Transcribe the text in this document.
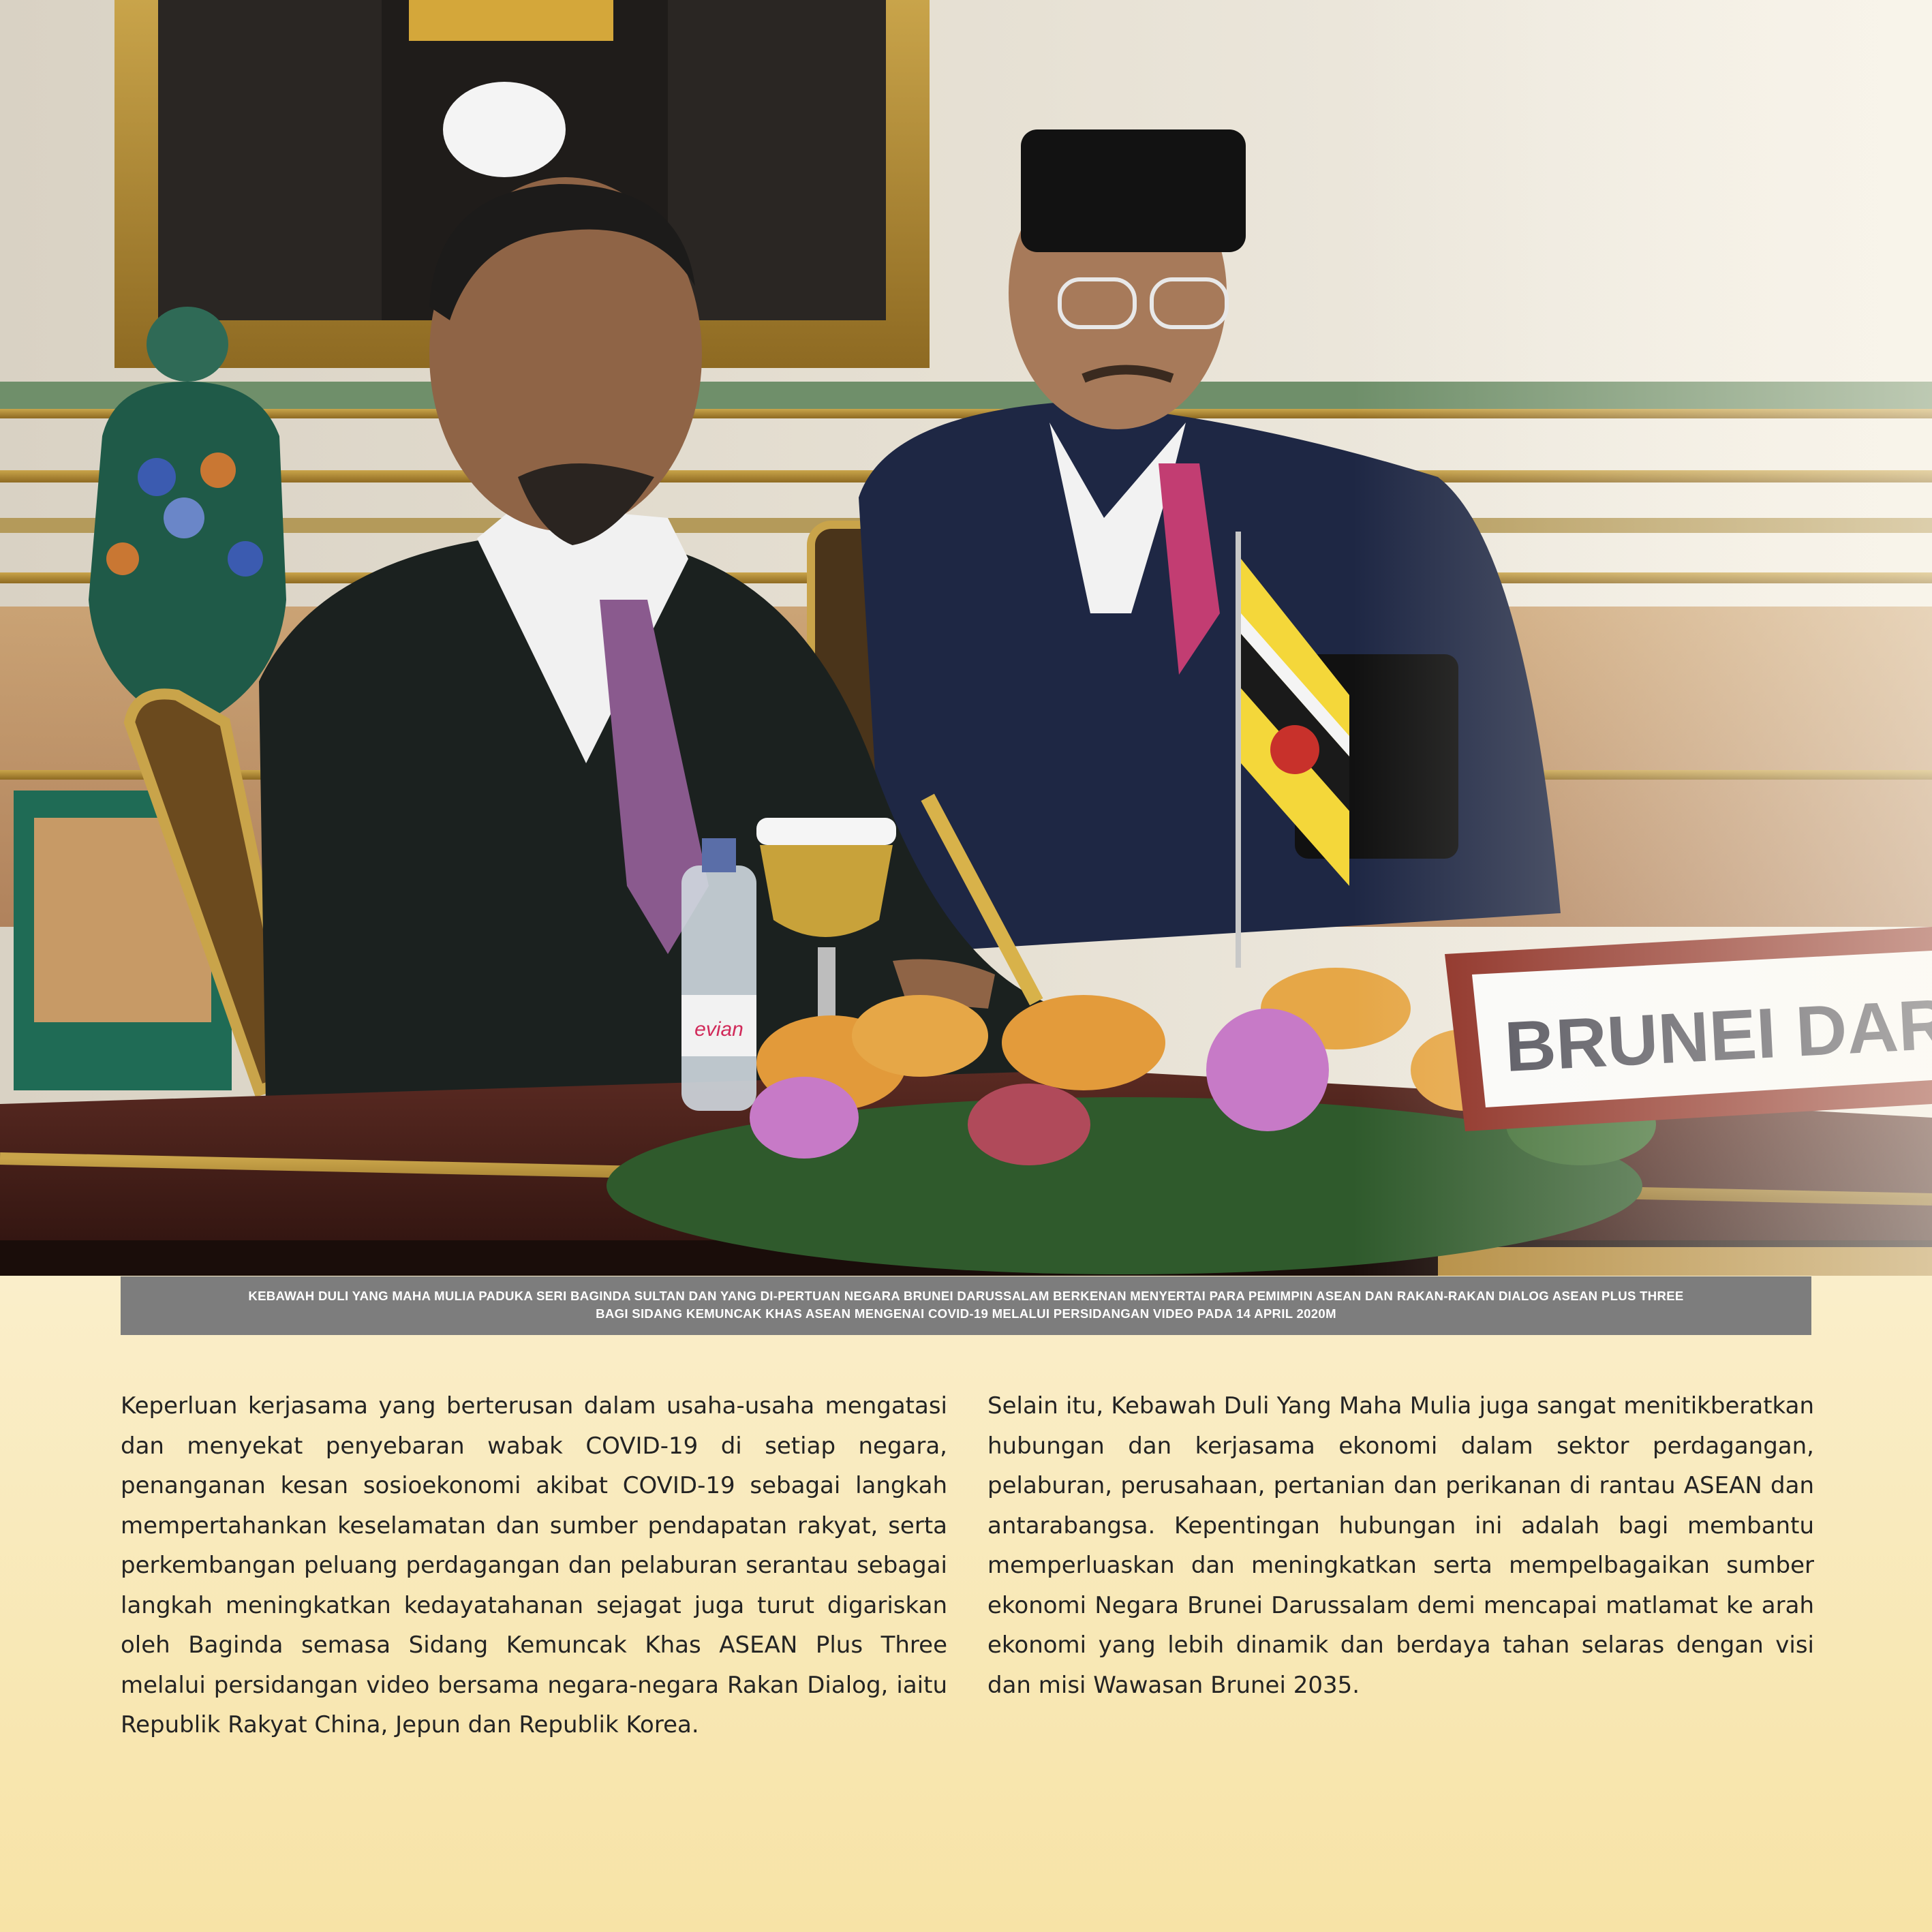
KEBAWAH DULI YANG MAHA MULIA PADUKA SERI BAGINDA SULTAN DAN YANG DI-PERTUAN NEGARA BRUNEI DARUSSALAM BERKENAN MENYERTAI PARA PEMIMPIN ASEAN DAN RAKAN-RAKAN DIALOG ASEAN PLUS THREE
BAGI SIDANG KEMUNCAK KHAS ASEAN MENGENAI COVID-19 MELALUI PERSIDANGAN VIDEO PADA 14 APRIL 2020M

Keperluan kerjasama yang berterusan dalam usaha-usaha mengatasi dan menyekat penyebaran wabak COVID-19 di setiap negara, penanganan kesan sosioekonomi akibat COVID-19 sebagai langkah mempertahankan keselamatan dan sumber pendapatan rakyat, serta perkembangan peluang perdagangan dan pelaburan serantau sebagai langkah meningkatkan kedayatahanan sejagat juga turut digariskan oleh Baginda semasa Sidang Kemuncak Khas ASEAN Plus Three melalui persidangan video bersama negara-negara Rakan Dialog, iaitu Republik Rakyat China, Jepun dan Republik Korea.

Selain itu, Kebawah Duli Yang Maha Mulia juga sangat menitikberatkan hubungan dan kerjasama ekonomi dalam sektor perdagangan, pelaburan, perusahaan, pertanian dan perikanan di rantau ASEAN dan antarabangsa. Kepentingan hubungan ini adalah bagi membantu memperluaskan dan meningkatkan serta mempelbagaikan sumber ekonomi Negara Brunei Darussalam demi mencapai matlamat ke arah ekonomi yang lebih dinamik dan berdaya tahan selaras dengan visi dan misi Wawasan Brunei 2035.
